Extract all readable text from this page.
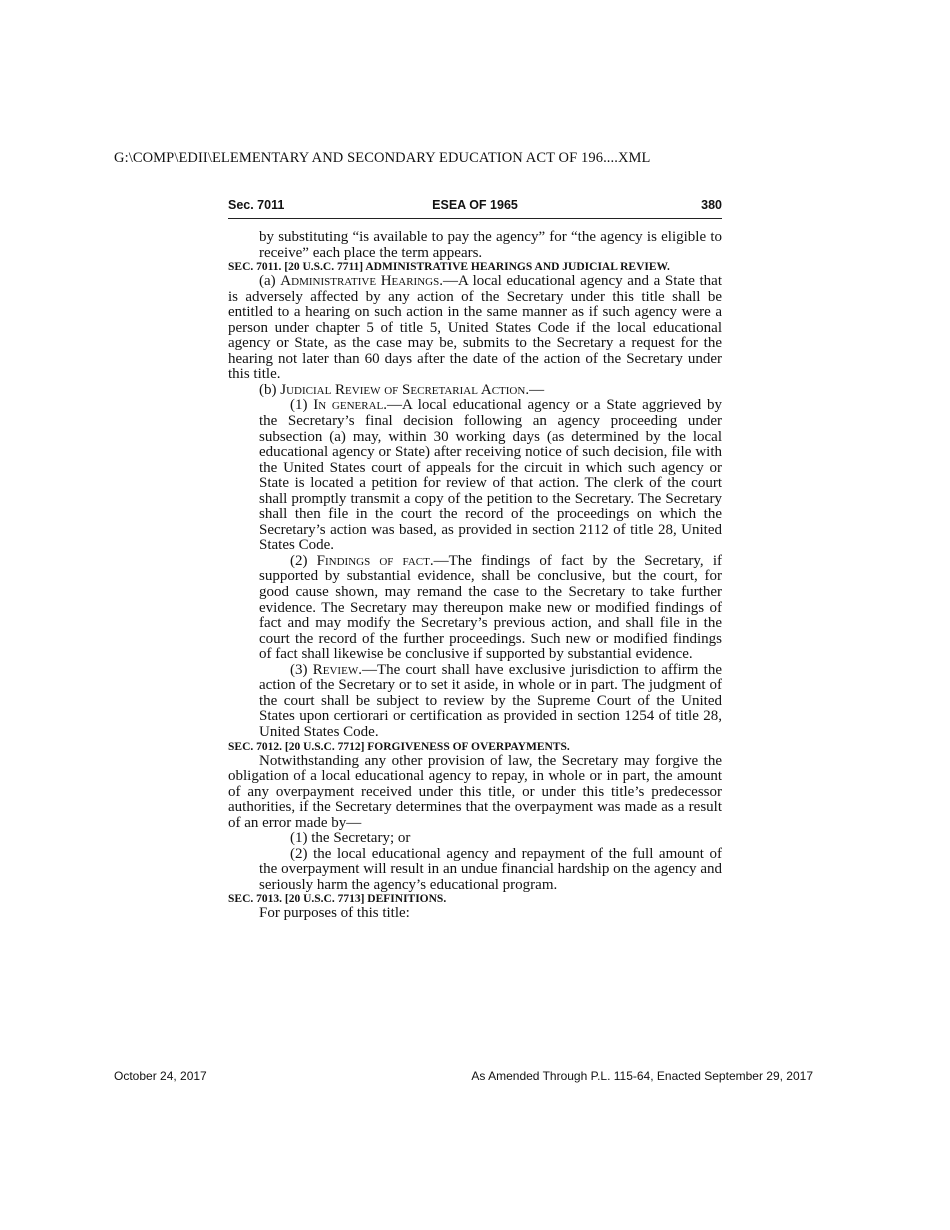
G:\COMP\EDII\ELEMENTARY AND SECONDARY EDUCATION ACT OF 196....XML
ESEA OF 1965
Sec. 7011	380

by substituting “is available to pay the agency” for “the agency is eligible to receive” each place the term appears.

SEC. 7011. [20 U.S.C. 7711] ADMINISTRATIVE HEARINGS AND JUDICIAL REVIEW.

(a) Administrative Hearings.—A local educational agency and a State that is adversely affected by any action of the Secretary under this title shall be entitled to a hearing on such action in the same manner as if such agency were a person under chapter 5 of title 5, United States Code if the local educational agency or State, as the case may be, submits to the Secretary a request for the hearing not later than 60 days after the date of the action of the Secretary under this title.

(b) Judicial Review of Secretarial Action.—

(1) In general.—A local educational agency or a State aggrieved by the Secretary’s final decision following an agency proceeding under subsection (a) may, within 30 working days (as determined by the local educational agency or State) after receiving notice of such decision, file with the United States court of appeals for the circuit in which such agency or State is located a petition for review of that action. The clerk of the court shall promptly transmit a copy of the petition to the Secretary. The Secretary shall then file in the court the record of the proceedings on which the Secretary’s action was based, as provided in section 2112 of title 28, United States Code.

(2) Findings of fact.—The findings of fact by the Secretary, if supported by substantial evidence, shall be conclusive, but the court, for good cause shown, may remand the case to the Secretary to take further evidence. The Secretary may thereupon make new or modified findings of fact and may modify the Secretary’s previous action, and shall file in the court the record of the further proceedings. Such new or modified findings of fact shall likewise be conclusive if supported by substantial evidence.

(3) Review.—The court shall have exclusive jurisdiction to affirm the action of the Secretary or to set it aside, in whole or in part. The judgment of the court shall be subject to review by the Supreme Court of the United States upon certiorari or certification as provided in section 1254 of title 28, United States Code.

SEC. 7012. [20 U.S.C. 7712] FORGIVENESS OF OVERPAYMENTS.

Notwithstanding any other provision of law, the Secretary may forgive the obligation of a local educational agency to repay, in whole or in part, the amount of any overpayment received under this title, or under this title’s predecessor authorities, if the Secretary determines that the overpayment was made as a result of an error made by—

(1) the Secretary; or

(2) the local educational agency and repayment of the full amount of the overpayment will result in an undue financial hardship on the agency and seriously harm the agency’s educational program.

SEC. 7013. [20 U.S.C. 7713] DEFINITIONS.

For purposes of this title:

October 24, 2017	As Amended Through P.L. 115-64, Enacted September 29, 2017
